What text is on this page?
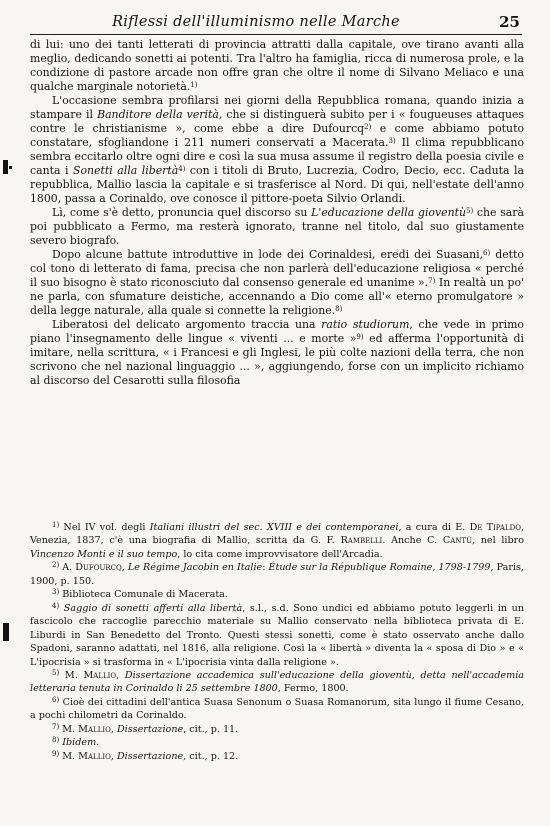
Riflessi dell'illuminismo nelle Marche	25

di lui: uno dei tanti letterati di provincia attratti dalla capitale, ove tirano avanti alla meglio, dedicando sonetti ai potenti. Tra l'altro ha famiglia, ricca di numerosa prole, e la condizione di pastore arcade non offre gran che oltre il nome di Silvano Meliaco e una qualche marginale notorietà.$^{1)}$

L'occasione sembra profilarsi nei giorni della Repubblica romana, quando inizia a stampare il Banditore della verità, che si distinguerà subito per i « fougueuses attaques contre le christianisme », come ebbe a dire Dufourcq$^{2)}$ e come abbiamo potuto constatare, sfogliandone i 211 numeri conservati a Macerata.$^{3)}$ Il clima repubblicano sembra eccitarlo oltre ogni dire e così la sua musa assume il registro della poesia civile e canta i Sonetti alla libertà$^{4)}$ con i titoli di Bruto, Lucrezia, Codro, Decio, ecc. Caduta la repubblica, Mallio lascia la capitale e si trasferisce al Nord. Di qui, nell'estate dell'anno 1800, passa a Corinaldo, ove conosce il pittore-poeta Silvio Orlandi.

Lì, come s'è detto, pronuncia quel discorso su L'educazione della gioventù$^{5)}$ che sarà poi pubblicato a Fermo, ma resterà ignorato, tranne nel titolo, dal suo giustamente severo biografo.

Dopo alcune battute introduttive in lode dei Corinaldesi, eredi dei Suasani,$^{6)}$ detto col tono di letterato di fama, precisa che non parlerà dell'educazione religiosa « perché il suo bisogno è stato riconosciuto dal consenso generale ed unanime ».$^{7)}$ In realtà un po' ne parla, con sfumature deistiche, accennando a Dio come all'« eterno promulgatore » della legge naturale, alla quale si connette la religione.$^{8)}$

Liberatosi del delicato argomento traccia una ratio studiorum, che vede in primo piano l'insegnamento delle lingue « viventi ... e morte »$^{9)}$ ed afferma l'opportunità di imitare, nella scrittura, « i Francesi e gli Inglesi, le più colte nazioni della terra, che non scrivono che nel nazional linguaggio ... », aggiungendo, forse con un implicito richiamo al discorso del Cesarotti sulla filosofia

$^{1)}$ Nel IV vol. degli Italiani illustri del sec. XVIII e dei contemporanei, a cura di E. De Tipaldo, Venezia, 1837, c'è una biografia di Mallio, scritta da G. F. Rambelli. Anche C. Cantù, nel libro Vincenzo Monti e il suo tempo, lo cita come improvvisatore dell'Arcadia.

$^{2)}$ A. Dufourcq, Le Régime Jacobin en Italie: Étude sur la République Romaine, 1798-1799, Paris, 1900, p. 150.

$^{3)}$ Biblioteca Comunale di Macerata.

$^{4)}$ Saggio di sonetti afferti alla libertà, s.l., s.d. Sono undici ed abbiamo potuto leggerli in un fascicolo che raccoglie parecchio materiale su Mallio conservato nella biblioteca privata di E. Liburdi in San Benedetto del Tronto. Questi stessi sonetti, come è stato osservato anche dallo Spadoni, saranno adattati, nel 1816, alla religione. Così la « libertà » diventa la « sposa di Dio » e « L'ipocrisia » si trasforma in « L'ipocrisia vinta dalla religione ».

$^{5)}$ M. Mallio, Dissertazione accademica sull'educazione della gioventù, detta nell'accademia letteraria tenuta in Corinaldo li 25 settembre 1800, Fermo, 1800.

$^{6)}$ Cioè dei cittadini dell'antica Suasa Senonum o Suasa Romanorum, sita lungo il fiume Cesano, a pochi chilometri da Corinaldo.

$^{7)}$ M. Mallio, Dissertazione, cit., p. 11.

$^{8)}$ Ibidem.

$^{9)}$ M. Mallio, Dissertazione, cit., p. 12.
